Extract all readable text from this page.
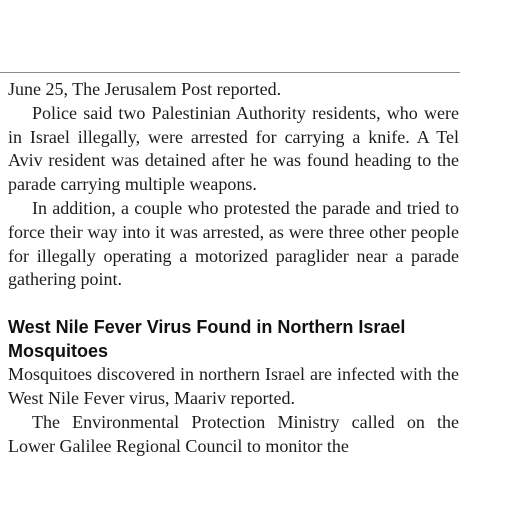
June 25, The Jerusalem Post reported.

Police said two Palestinian Authority residents, who were in Israel illegally, were arrested for carrying a knife. A Tel Aviv resident was detained after he was found heading to the parade carrying multiple weapons.

In addition, a couple who protested the parade and tried to force their way into it was arrested, as were three other people for illegally operating a motorized paraglider near a parade gathering point.

West Nile Fever Virus Found in Northern Israel Mosquitoes

Mosquitoes discovered in northern Israel are infected with the West Nile Fever virus, Maariv reported.

The Environmental Protection Ministry called on the Lower Galilee Regional Council to monitor the
